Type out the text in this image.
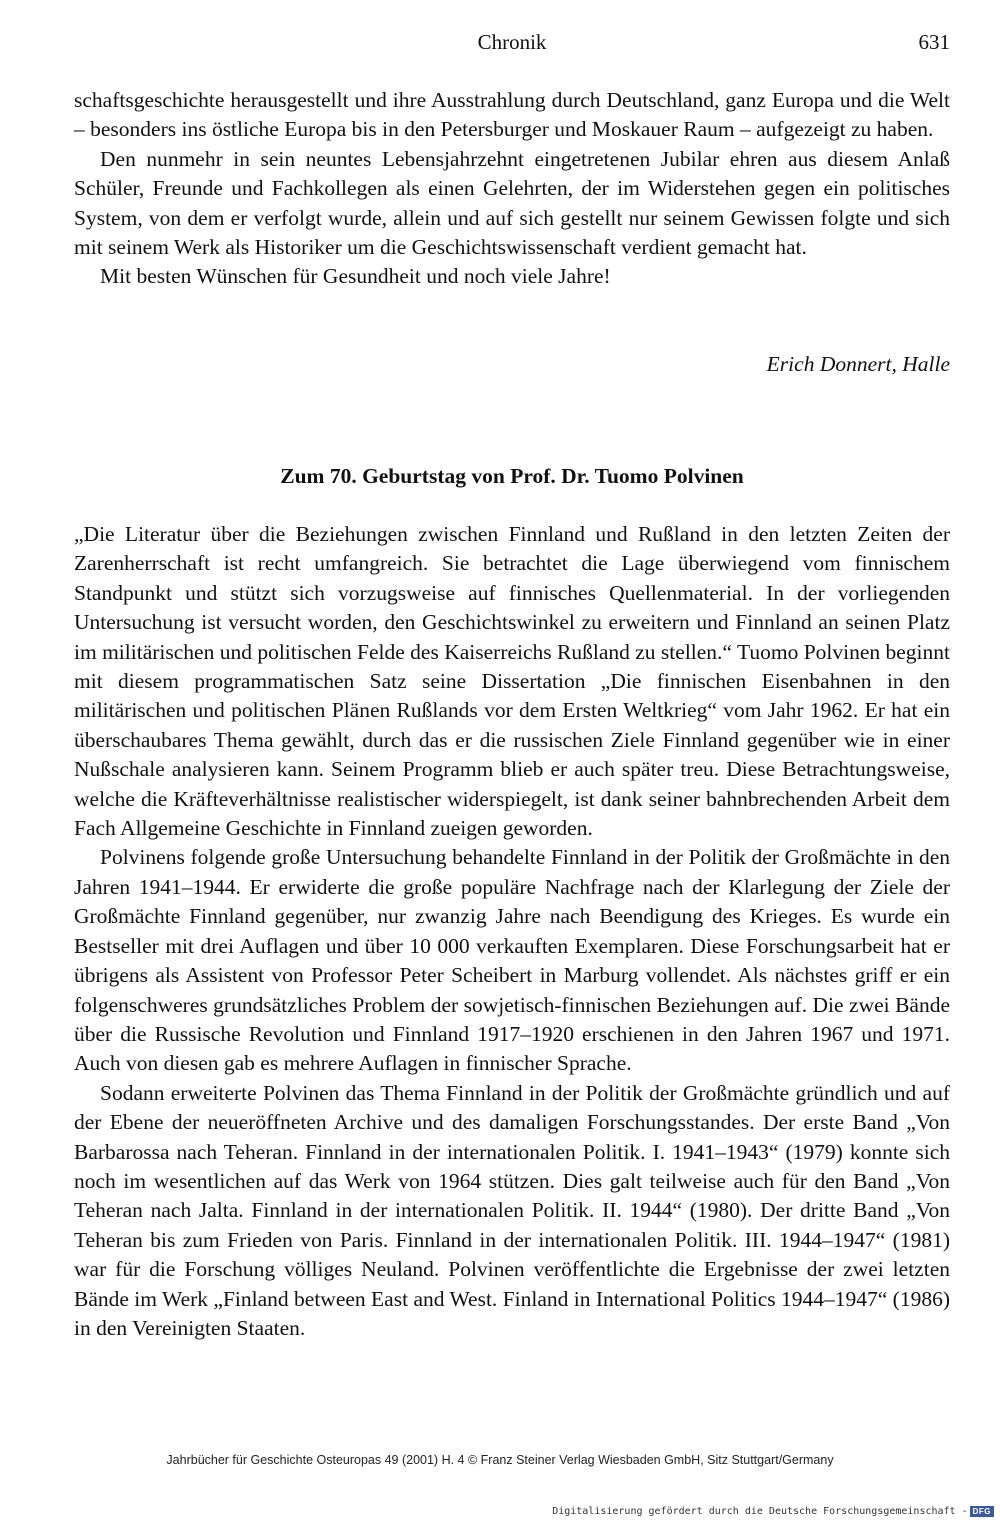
Chronik	631

schaftsgeschichte herausgestellt und ihre Ausstrahlung durch Deutschland, ganz Europa und die Welt – besonders ins östliche Europa bis in den Petersburger und Moskauer Raum – aufgezeigt zu haben.

Den nunmehr in sein neuntes Lebensjahrzehnt eingetretenen Jubilar ehren aus diesem Anlaß Schüler, Freunde und Fachkollegen als einen Gelehrten, der im Widerstehen gegen ein politisches System, von dem er verfolgt wurde, allein und auf sich gestellt nur seinem Gewissen folgte und sich mit seinem Werk als Historiker um die Geschichtswissenschaft verdient gemacht hat.

Mit besten Wünschen für Gesundheit und noch viele Jahre!

Erich Donnert, Halle
Zum 70. Geburtstag von Prof. Dr. Tuomo Polvinen

„Die Literatur über die Beziehungen zwischen Finnland und Rußland in den letzten Zeiten der Zarenherrschaft ist recht umfangreich. Sie betrachtet die Lage überwiegend vom finnischem Standpunkt und stützt sich vorzugsweise auf finnisches Quellenmaterial. In der vorliegenden Untersuchung ist versucht worden, den Geschichtswinkel zu erweitern und Finnland an seinen Platz im militärischen und politischen Felde des Kaiserreichs Rußland zu stellen.“ Tuomo Polvinen beginnt mit diesem programmatischen Satz seine Dissertation „Die finnischen Eisenbahnen in den militärischen und politischen Plänen Rußlands vor dem Ersten Weltkrieg“ vom Jahr 1962. Er hat ein überschaubares Thema gewählt, durch das er die russischen Ziele Finnland gegenüber wie in einer Nußschale analysieren kann. Seinem Programm blieb er auch später treu. Diese Betrachtungsweise, welche die Kräfteverhältnisse realistischer widerspiegelt, ist dank seiner bahnbrechenden Arbeit dem Fach Allgemeine Geschichte in Finnland zueigen geworden.

Polvinens folgende große Untersuchung behandelte Finnland in der Politik der Großmächte in den Jahren 1941–1944. Er erwiderte die große populäre Nachfrage nach der Klarlegung der Ziele der Großmächte Finnland gegenüber, nur zwanzig Jahre nach Beendigung des Krieges. Es wurde ein Bestseller mit drei Auflagen und über 10 000 verkauften Exemplaren. Diese Forschungsarbeit hat er übrigens als Assistent von Professor Peter Scheibert in Marburg vollendet. Als nächstes griff er ein folgenschweres grundsätzliches Problem der sowjetisch-finnischen Beziehungen auf. Die zwei Bände über die Russische Revolution und Finnland 1917–1920 erschienen in den Jahren 1967 und 1971. Auch von diesen gab es mehrere Auflagen in finnischer Sprache.

Sodann erweiterte Polvinen das Thema Finnland in der Politik der Großmächte gründlich und auf der Ebene der neueröffneten Archive und des damaligen Forschungsstandes. Der erste Band „Von Barbarossa nach Teheran. Finnland in der internationalen Politik. I. 1941–1943“ (1979) konnte sich noch im wesentlichen auf das Werk von 1964 stützen. Dies galt teilweise auch für den Band „Von Teheran nach Jalta. Finnland in der internationalen Politik. II. 1944“ (1980). Der dritte Band „Von Teheran bis zum Frieden von Paris. Finnland in der internationalen Politik. III. 1944–1947“ (1981) war für die Forschung völliges Neuland. Polvinen veröffentlichte die Ergebnisse der zwei letzten Bände im Werk „Finland between East and West. Finland in International Politics 1944–1947“ (1986) in den Vereinigten Staaten.

Jahrbücher für Geschichte Osteuropas 49 (2001) H. 4 © Franz Steiner Verlag Wiesbaden GmbH, Sitz Stuttgart/Germany
Digitalisierung gefördert durch die Deutsche Forschungsgemeinschaft - DFG
